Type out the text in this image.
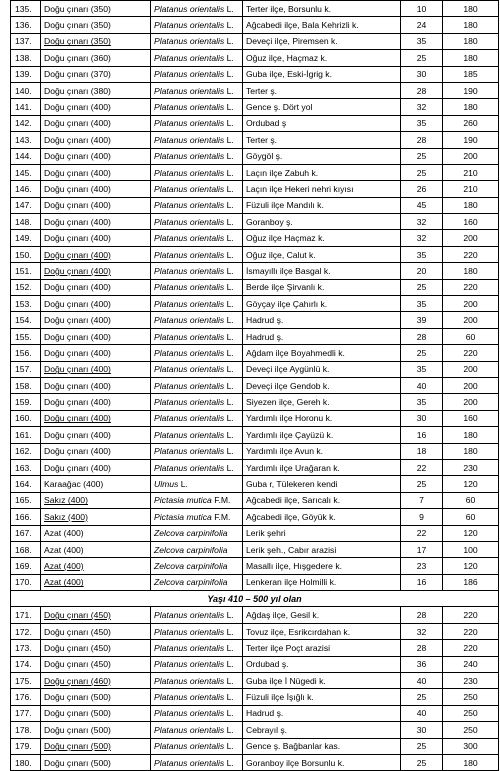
135.	Doğu çınarı (350)	Platanus orientalis L.	Terter ilçe, Borsunlu k.	10	180
136.	Doğu çınarı (350)	Platanus orientalis L.	Ağcabedi ilçe, Bala Kehrizli k.	24	180
137.	Doğu çınarı (350)	Platanus orientalis L.	Deveçi ilçe, Piremsen k.	35	180
138.	Doğu çınarı (360)	Platanus orientalis L.	Oğuz ilçe, Haçmaz k.	25	180
139.	Doğu çınarı (370)	Platanus orientalis L.	Guba ilçe, Eski-İgrig k.	30	185
140.	Doğu çınarı (380)	Platanus orientalis L.	Terter ş.	28	190
141.	Doğu çınarı (400)	Platanus orientalis L.	Gence ş. Dört yol	32	180
142.	Doğu çınarı (400)	Platanus orientalis L.	Ordubad ş	35	260
143.	Doğu çınarı (400)	Platanus orientalis L.	Terter ş.	28	190
144.	Doğu çınarı (400)	Platanus orientalis L.	Göygöl ş.	25	200
145.	Doğu çınarı (400)	Platanus orientalis L.	Laçın ilçe Zabuh k.	25	210
146.	Doğu çınarı (400)	Platanus orientalis L.	Laçın ilçe Hekeri nehri kıyısı	26	210
147.	Doğu çınarı (400)	Platanus orientalis L.	Füzuli ilçe Mandılı k.	45	180
148.	Doğu çınarı (400)	Platanus orientalis L.	Goranboy ş.	32	160
149.	Doğu çınarı (400)	Platanus orientalis L.	Oğuz ilçe Haçmaz k.	32	200
150.	Doğu çınarı (400)	Platanus orientalis L.	Oğuz ilçe, Calut k.	35	220
151.	Doğu çınarı (400)	Platanus orientalis L.	İsmayıllı ilçe Basgal k.	20	180
152.	Doğu çınarı (400)	Platanus orientalis L.	Berde ilçe Şirvanlı k.	25	220
153.	Doğu çınarı (400)	Platanus orientalis L.	Göyçay ilçe Çahırlı k.	35	200
154.	Doğu çınarı (400)	Platanus orientalis L.	Hadrud ş.	39	200
155.	Doğu çınarı (400)	Platanus orientalis L.	Hadrud ş.	28	60
156.	Doğu çınarı (400)	Platanus orientalis L.	Ağdam ilçe Boyahmedli k.	25	220
157.	Doğu çınarı (400)	Platanus orientalis L.	Deveçi ilçe Aygünlü k.	35	200
158.	Doğu çınarı (400)	Platanus orientalis L.	Deveçi ilçe Gendob k.	40	200
159.	Doğu çınarı (400)	Platanus orientalis L.	Siyezen ilçe, Gereh k.	35	200
160.	Doğu çınarı (400)	Platanus orientalis L.	Yardımlı ilçe Horonu k.	30	160
161.	Doğu çınarı (400)	Platanus orientalis L.	Yardımlı ilçe Çayüzü k.	16	180
162.	Doğu çınarı (400)	Platanus orientalis L.	Yardımlı ilçe Avun k.	18	180
163.	Doğu çınarı (400)	Platanus orientalis L.	Yardımlı ilçe Urağaran k.	22	230
164.	Karaağac (400)	Ulmus L.	Guba r, Tülekeren kendi	25	120
165.	Sakız (400)	Pictasia mutica F.M.	Ağcabedi ilçe, Sarıcalı k.	7	60
166.	Sakız (400)	Pictasia mutica F.M.	Ağcabedi ilçe, Göyük k.	9	60
167.	Azat (400)	Zelcova carpinifolia	Lerik şehri	22	120
168.	Azat (400)	Zelcova carpinifolia	Lerik şeh., Cabır arazisi	17	100
169.	Azat (400)	Zelcova carpinifolia	Masallı ilçe, Hışgedere k.	23	120
170.	Azat (400)	Zelcova carpinifolia	Lenkeran ilçe Holmilli k.	16	186
Yaşı 410 – 500 yıl olan					
171.	Doğu çınarı (450)	Platanus orientalis L.	Ağdaş ilçe, Gesil k.	28	220
172.	Doğu çınarı (450)	Platanus orientalis L.	Tovuz ilçe, Esrikcırdahan k.	32	220
173.	Doğu çınarı (450)	Platanus orientalis L.	Terter ilçe Poçt arazisi	28	220
174.	Doğu çınarı (450)	Platanus orientalis L.	Ordubad ş.	36	240
175.	Doğu çınarı (460)	Platanus orientalis L.	Guba ilçe İ Nügedi k.	40	230
176.	Doğu çınarı (500)	Platanus orientalis L.	Füzuli ilçe İşığlı k.	25	250
177.	Doğu çınarı (500)	Platanus orientalis L.	Hadrud ş.	40	250
178.	Doğu çınarı (500)	Platanus orientalis L.	Cebrayıl ş.	30	250
179.	Doğu çınarı (500)	Platanus orientalis L.	Gence ş. Bağbanlar kas.	25	300
180.	Doğu çınarı (500)	Platanus orientalis L.	Goranboy ilçe Borsunlu k.	25	180
